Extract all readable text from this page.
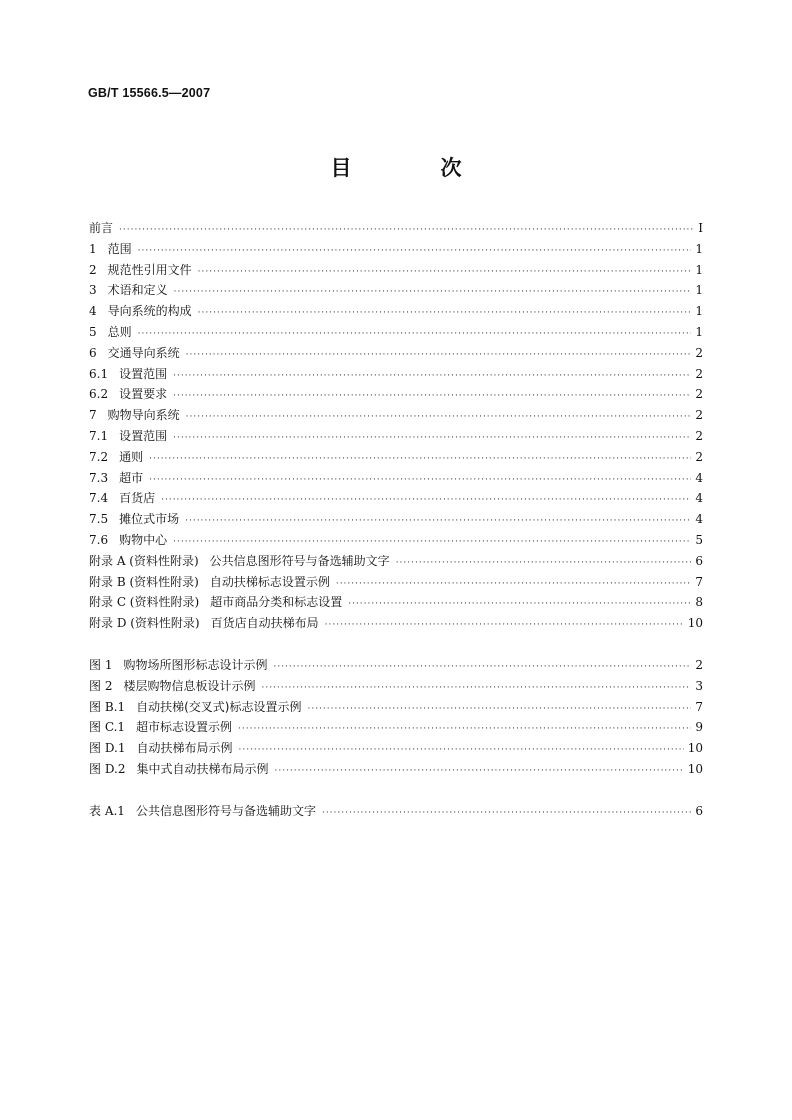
GB/T 15566.5—2007
目　次
前言 ·····	I
1 范围 ·····	1
2 规范性引用文件 ·····	1
3 术语和定义 ·····	1
4 导向系统的构成 ·····	1
5 总则 ·····	1
6 交通导向系统 ·····	2
6.1 设置范围 ·····	2
6.2 设置要求 ·····	2
7 购物导向系统 ·····	2
7.1 设置范围 ·····	2
7.2 通则 ·····	2
7.3 超市 ·····	4
7.4 百货店 ·····	4
7.5 摊位式市场 ·····	4
7.6 购物中心 ·····	5
附录 A (资料性附录) 公共信息图形符号与备选辅助文字 ·····	6
附录 B (资料性附录) 自动扶梯标志设置示例 ·····	7
附录 C (资料性附录) 超市商品分类和标志设置 ·····	8
附录 D (资料性附录) 百货店自动扶梯布局 ·····	10
图 1 购物场所图形标志设计示例 ·····	2
图 2 楼层购物信息板设计示例 ·····	3
图 B.1 自动扶梯(交叉式)标志设置示例 ·····	7
图 C.1 超市标志设置示例 ·····	9
图 D.1 自动扶梯布局示例 ·····	10
图 D.2 集中式自动扶梯布局示例 ·····	10
表 A.1 公共信息图形符号与备选辅助文字 ·····	6
